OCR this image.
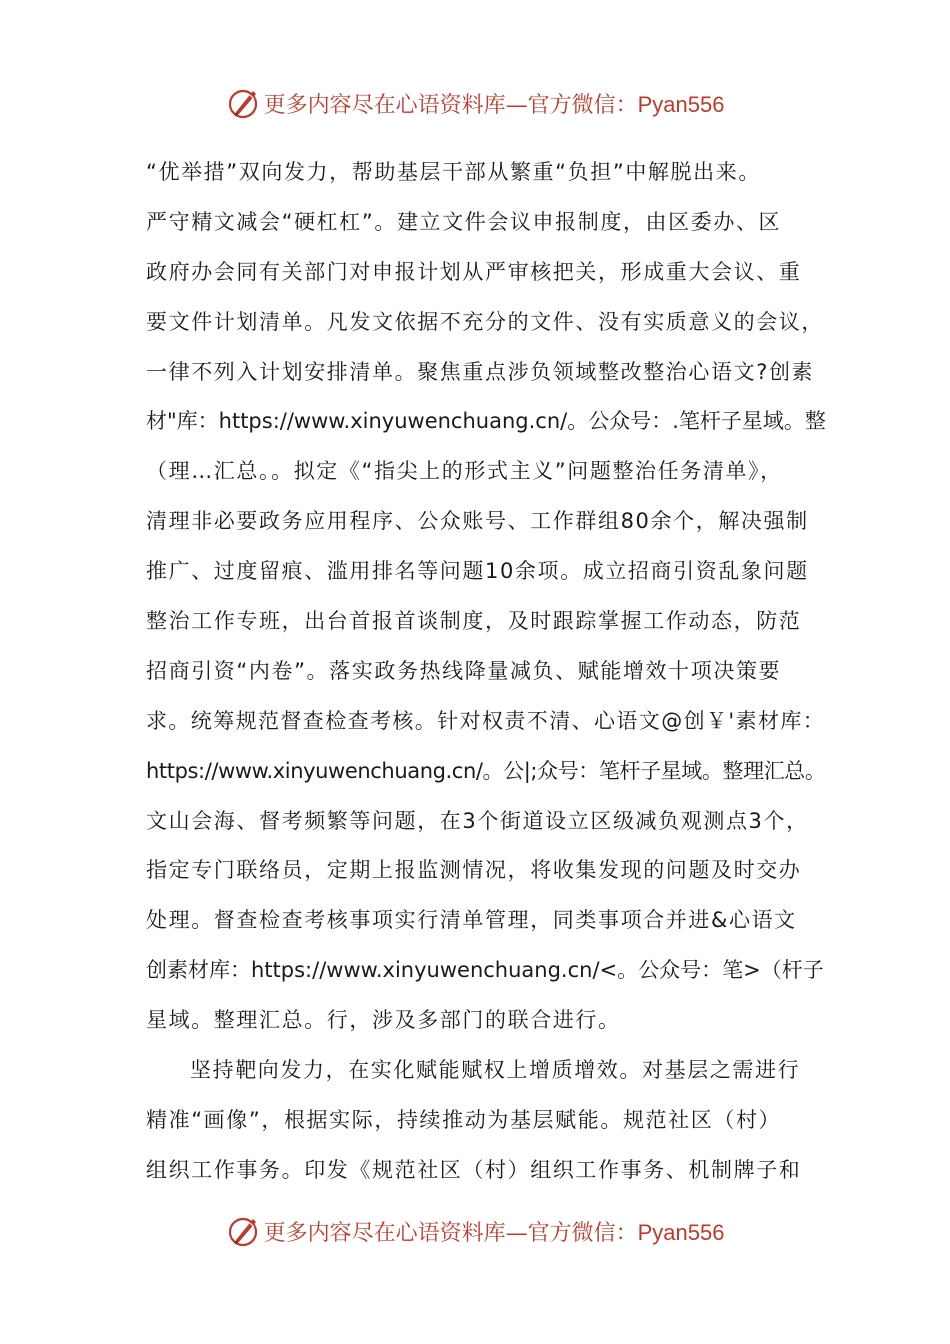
更多内容尽在心语资料库—官方微信：Pyan556
“优举措”双向发力，帮助基层干部从繁重“负担”中解脱出来。
严守精文减会“硬杠杠”。建立文件会议申报制度，由区委办、区
政府办会同有关部门对申报计划从严审核把关，形成重大会议、重
要文件计划清单。凡发文依据不充分的文件、没有实质意义的会议，
一律不列入计划安排清单。聚焦重点涉负领域整改整治心语文?创素
材"库：https://www.xinyuwenchuang.cn/。公众号：.笔杆子星域。整
（理…汇总。。拟定《“指尖上的形式主义”问题整治任务清单》，
清理非必要政务应用程序、公众账号、工作群组80余个，解决强制
推广、过度留痕、滥用排名等问题10余项。成立招商引资乱象问题
整治工作专班，出台首报首谈制度，及时跟踪掌握工作动态，防范
招商引资“内卷”。落实政务热线降量减负、赋能增效十项决策要
求。统筹规范督查检查考核。针对权责不清、心语文@创￥'素材库：
https://www.xinyuwenchuang.cn/。公|;众号：笔杆子星域。整理汇总。
文山会海、督考频繁等问题，在3个街道设立区级减负观测点3个，
指定专门联络员，定期上报监测情况，将收集发现的问题及时交办
处理。督查检查考核事项实行清单管理，同类事项合并进&心语文
创素材库：https://www.xinyuwenchuang.cn/<。公众号：笔>（杆子
星域。整理汇总。行，涉及多部门的联合进行。
坚持靶向发力，在实化赋能赋权上增质增效。对基层之需进行
精准“画像”，根据实际，持续推动为基层赋能。规范社区（村）
组织工作事务。印发《规范社区（村）组织工作事务、机制牌子和
更多内容尽在心语资料库—官方微信：Pyan556
